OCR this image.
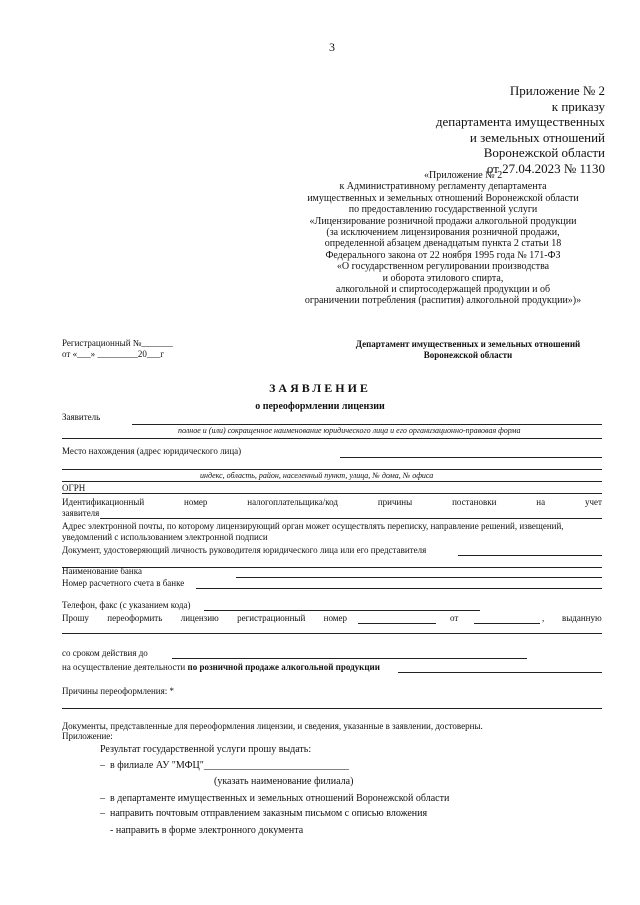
3
Приложение № 2
к приказу
департамента имущественных
и земельных отношений
Воронежской области
от 27.04.2023 № 1130
«Приложение № 2
к Административному регламенту департамента
имущественных и земельных отношений Воронежской области
по предоставлению государственной услуги
«Лицензирование розничной продажи алкогольной продукции
(за исключением лицензирования розничной продажи,
определенной абзацем двенадцатым пункта 2 статьи 18
Федерального закона от 22 ноября 1995 года № 171-ФЗ
«О государственном регулировании производства
и оборота этилового спирта,
алкогольной и спиртосодержащей продукции и об
ограничении потребления (распития) алкогольной продукции»)»
Регистрационный №_______
от «___» _________20___г
Департамент имущественных и земельных отношений
Воронежской области
ЗАЯВЛЕНИЕ
о переоформлении лицензии
Заявитель
полное и (или) сокращенное наименование юридического лица и его организационно-правовая форма
Место нахождения (адрес юридического лица)
индекс, область, район, населенный пункт, улица, № дома, № офиса
ОГРН
Идентификационный	номер	налогоплательщика/код	причины	постановки	на	учет
заявителя
Адрес электронной почты, по которому лицензирующий орган может осуществлять переписку, направление решений, извещений,
уведомлений с использованием электронной подписи
Документ, удостоверяющий личность руководителя юридического лица или его представителя
Наименование банка
Номер расчетного счета в банке
Телефон, факс (с указанием кода)
Прошу переоформить лицензию регистрационный номер	от	, выданную
со сроком действия до
на осуществление деятельности по розничной продаже алкогольной продукции
Причины переоформления: *
Документы, представленные для переоформления лицензии, и сведения, указанные в заявлении, достоверны.
Приложение:
Результат государственной услуги прошу выдать:
– в филиале АУ "МФЦ"_____________________________
(указать наименование филиала)
– в департаменте имущественных и земельных отношений Воронежской области
– направить почтовым отправлением заказным письмом с описью вложения
- направить в форме электронного документа
